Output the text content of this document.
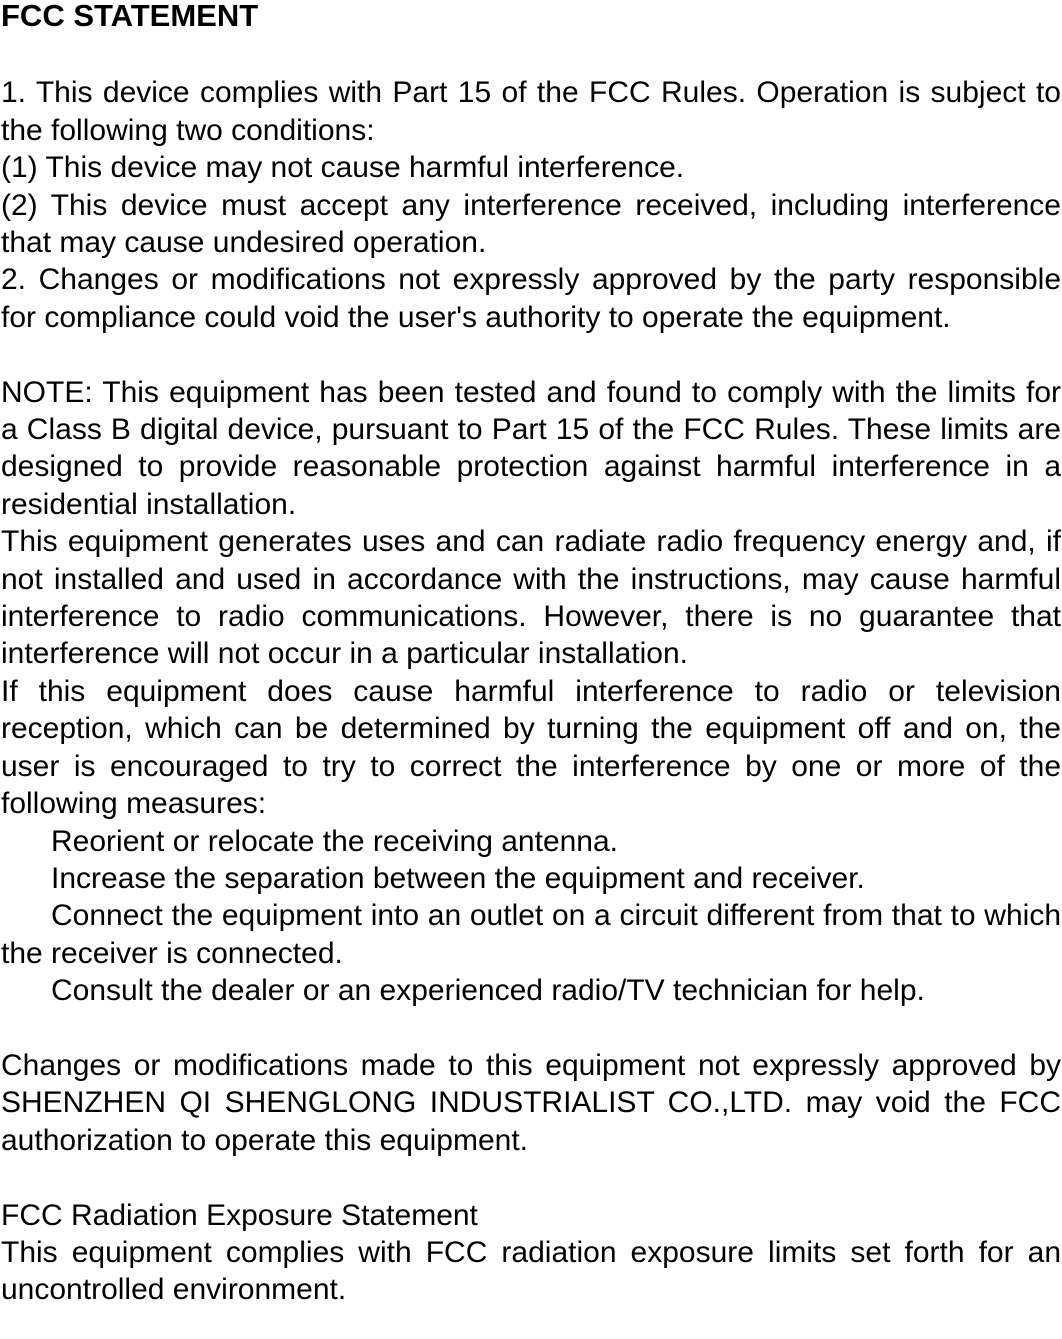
FCC STATEMENT

1. This device complies with Part 15 of the FCC Rules. Operation is subject to the following two conditions:

(1) This device may not cause harmful interference.

(2) This device must accept any interference received, including interference that may cause undesired operation.

2. Changes or modifications not expressly approved by the party responsible for compliance could void the user's authority to operate the equipment.

NOTE: This equipment has been tested and found to comply with the limits for a Class B digital device, pursuant to Part 15 of the FCC Rules. These limits are designed to provide reasonable protection against harmful interference in a residential installation.

This equipment generates uses and can radiate radio frequency energy and, if not installed and used in accordance with the instructions, may cause harmful interference to radio communications. However, there is no guarantee that interference will not occur in a particular installation.

If this equipment does cause harmful interference to radio or television reception, which can be determined by turning the equipment off and on, the user is encouraged to try to correct the interference by one or more of the following measures:

Reorient or relocate the receiving antenna.

Increase the separation between the equipment and receiver.

Connect the equipment into an outlet on a circuit different from that to which the receiver is connected.

Consult the dealer or an experienced radio/TV technician for help.

Changes or modifications made to this equipment not expressly approved by SHENZHEN QI SHENGLONG INDUSTRIALIST CO.,LTD. may void the FCC authorization to operate this equipment.

FCC Radiation Exposure Statement

This equipment complies with FCC radiation exposure limits set forth for an uncontrolled environment.
